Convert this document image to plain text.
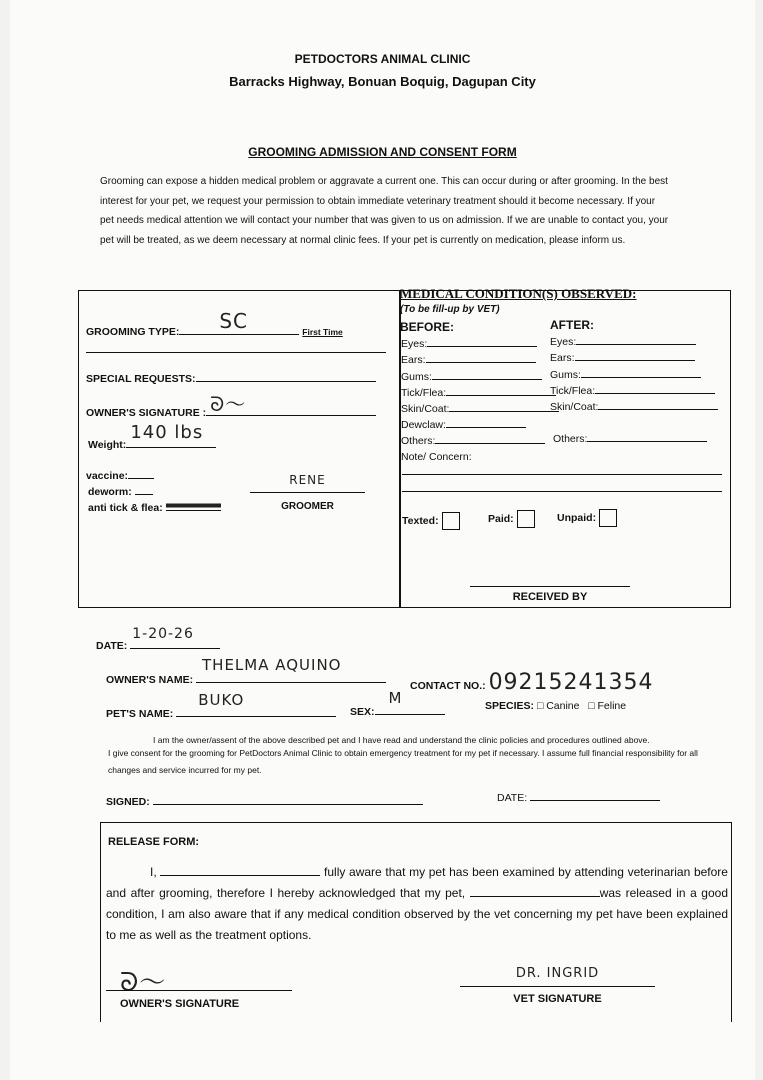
PETDOCTORS ANIMAL CLINIC
Barracks Highway, Bonuan Boquig, Dagupan City
GROOMING ADMISSION AND CONSENT FORM
Grooming can expose a hidden medical problem or aggravate a current one. This can occur during or after grooming. In the best interest for your pet, we request your permission to obtain immediate veterinary treatment should it become necessary. If your pet needs medical attention we will contact your number that was given to us on admission. If we are unable to contact you, your pet will be treated, as we deem necessary at normal clinic fees. If your pet is currently on medication, please inform us.
GROOMING TYPE: SC	First Time
SPECIAL REQUESTS:
OWNER'S SIGNATURE : ᘐ～
Weight:
140 lbs
vaccine:
deworm:
anti tick & flea:
RENE
GROOMER
MEDICAL CONDITION(S) OBSERVED:
(To be fill-up by VET)
BEFORE:	AFTER:
Eyes:	Eyes:
Ears:	Ears:
Gums:	Gums:
Tick/Flea:	Tick/Flea:
Skin/Coat:	Skin/Coat:
Dewclaw:
Others:	Others:
Note/ Concern:
Texted:	Paid:	Unpaid:
RECEIVED BY
DATE:
1-20-26
OWNER'S NAME:
THELMA AQUINO
CONTACT NO.: 09215241354
PET'S NAME:
BUKO
SEX:
M	SPECIES: □ Canine □ Feline
I am the owner/assent of the above described pet and I have read and understand the clinic policies and procedures outlined above.
I give consent for the grooming for PetDoctors Animal Clinic to obtain emergency treatment for my pet if necessary. I assume full financial responsibility for all changes and service incurred for my pet.
SIGNED:	DATE:
RELEASE FORM:
I,	fully aware that my pet has been examined by attending veterinarian before and after grooming, therefore I hereby acknowledged that my pet,	was released in a good condition, I am also aware that if any medical condition observed by the vet concerning my pet have been explained to me as well as the treatment options.
ᘐ～
OWNER'S SIGNATURE
DR. INGRID
VET SIGNATURE
